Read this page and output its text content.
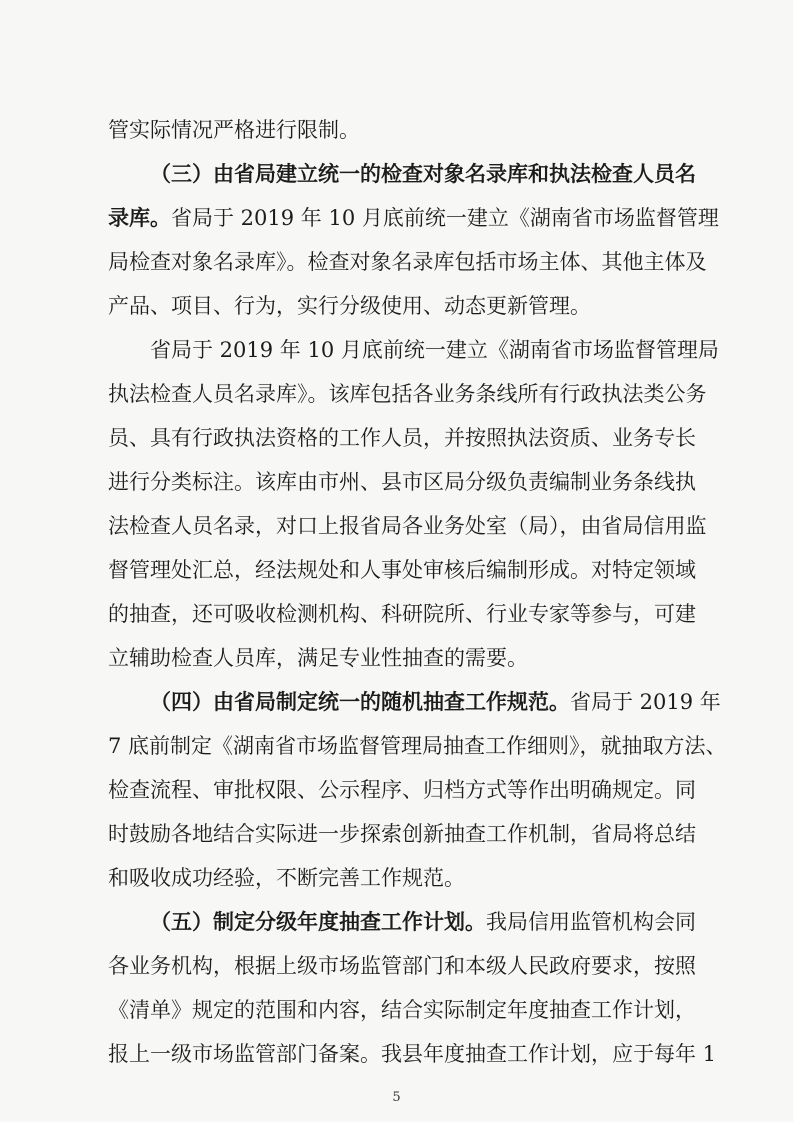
管实际情况严格进行限制。
（三）由省局建立统一的检查对象名录库和执法检查人员名
录库。省局于 2019 年 10 月底前统一建立《湖南省市场监督管理
局检查对象名录库》。检查对象名录库包括市场主体、其他主体及
产品、项目、行为，实行分级使用、动态更新管理。
省局于 2019 年 10 月底前统一建立《湖南省市场监督管理局
执法检查人员名录库》。该库包括各业务条线所有行政执法类公务
员、具有行政执法资格的工作人员，并按照执法资质、业务专长
进行分类标注。该库由市州、县市区局分级负责编制业务条线执
法检查人员名录，对口上报省局各业务处室（局），由省局信用监
督管理处汇总，经法规处和人事处审核后编制形成。对特定领域
的抽查，还可吸收检测机构、科研院所、行业专家等参与，可建
立辅助检查人员库，满足专业性抽查的需要。
（四）由省局制定统一的随机抽查工作规范。省局于 2019 年
7 底前制定《湖南省市场监督管理局抽查工作细则》，就抽取方法、
检查流程、审批权限、公示程序、归档方式等作出明确规定。同
时鼓励各地结合实际进一步探索创新抽查工作机制，省局将总结
和吸收成功经验，不断完善工作规范。
（五）制定分级年度抽查工作计划。我局信用监管机构会同
各业务机构，根据上级市场监管部门和本级人民政府要求，按照
《清单》规定的范围和内容，结合实际制定年度抽查工作计划，
报上一级市场监管部门备案。我县年度抽查工作计划，应于每年 1
5
